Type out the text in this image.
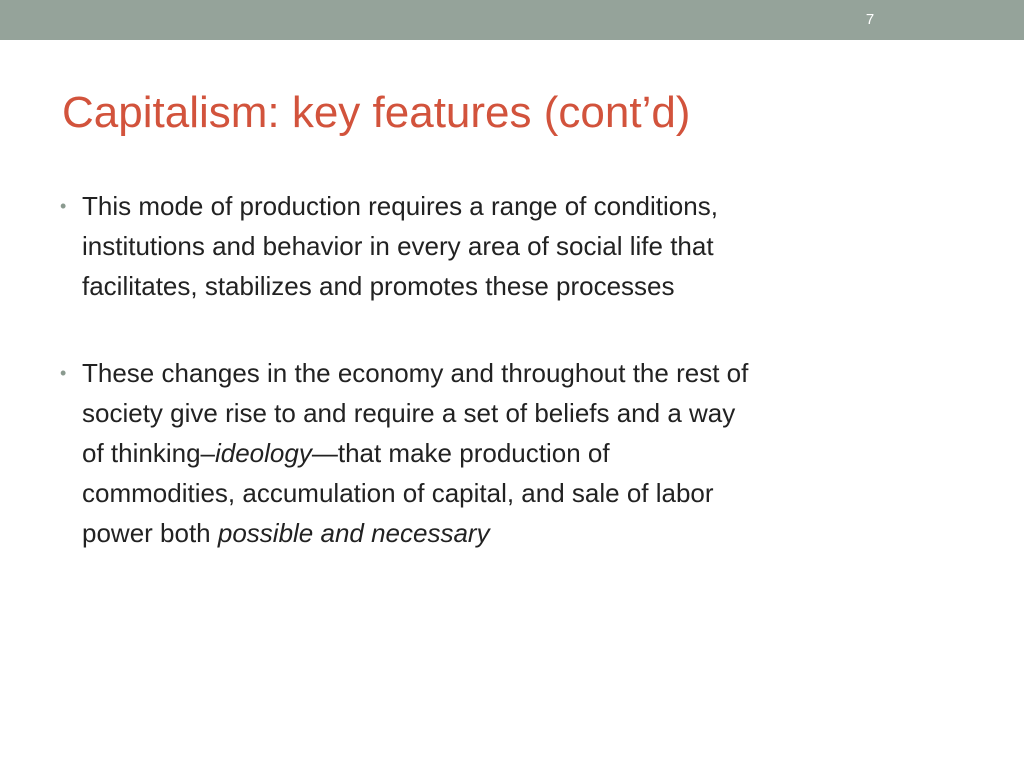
7
Capitalism: key features (cont’d)
• This mode of production requires a range of conditions,
institutions and behavior in every area of social life that
facilitates, stabilizes and promotes these processes
• These changes in the economy and throughout the rest of
society give rise to and require a set of beliefs and a way
of thinking–ideology—that make production of
commodities, accumulation of capital, and sale of labor
power both possible and necessary
